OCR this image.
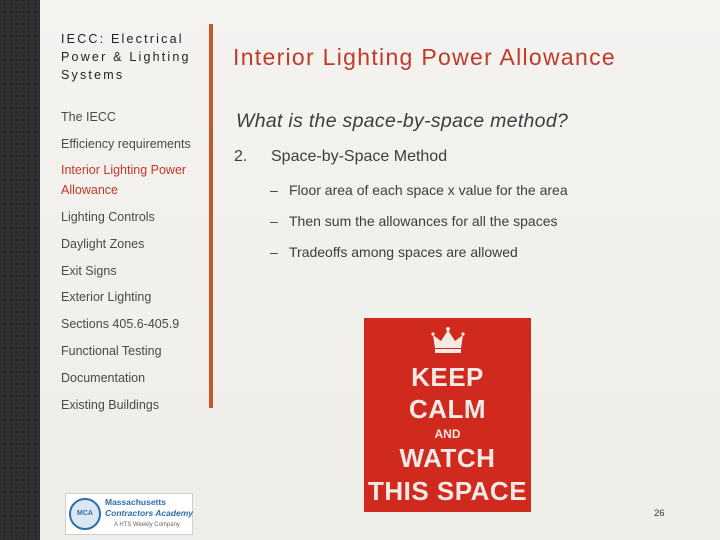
IECC: Electrical Power & Lighting Systems
The IECC
Efficiency requirements
Interior Lighting Power Allowance
Lighting Controls
Daylight Zones
Exit Signs
Exterior Lighting
Sections 405.6-405.9
Functional Testing
Documentation
Existing Buildings
Interior Lighting Power Allowance
What is the space-by-space method?
2. Space-by-Space Method
– Floor area of each space x value for the area
– Then sum the allowances for all the spaces
– Tradeoffs among spaces are allowed
KEEP
CALM
AND
WATCH
THIS SPACE
MCA
Massachusetts
Contractors Academy
A HTS Weekly Company
26
